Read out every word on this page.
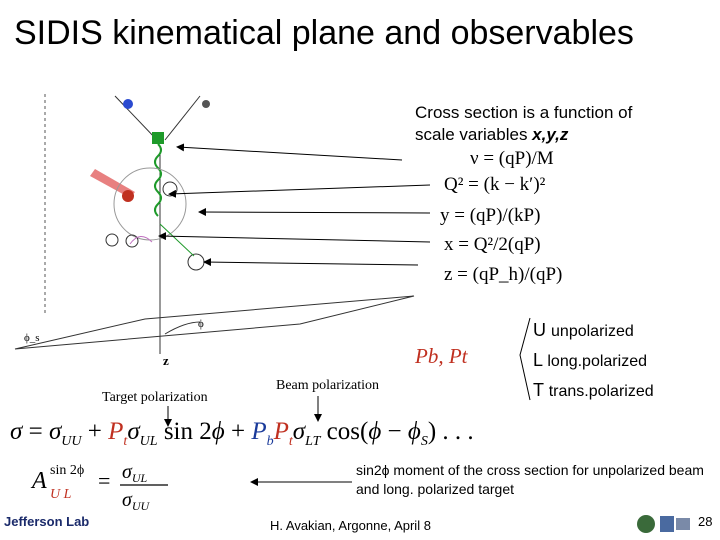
SIDIS kinematical plane and observables
ϕ
ϕ_s
z
Cross section is a function of
scale variables x,y,z
ν = (qP)/M
Q² = (k − k′)²
y = (qP)/(kP)
x = Q²/2(qP)
z = (qP_h)/(qP)
Pb, Pt
U unpolarized
L long.polarized
T trans.polarized
Target polarization
Beam polarization
$\sigma = \sigma_{UU} + P_t\sigma_{UL}$ $\sin 2\phi + P_bP_t\sigma_{LT}$ $\cos(\phi - \phi_S)$ . . .
A sin 2ϕ
U L
= $\sigma_{UL}$
$\sigma_{UU}$
sin2ϕ moment of the cross section for unpolarized beam and long. polarized target
Jefferson Lab	H. Avakian, Argonne, April 8	28
